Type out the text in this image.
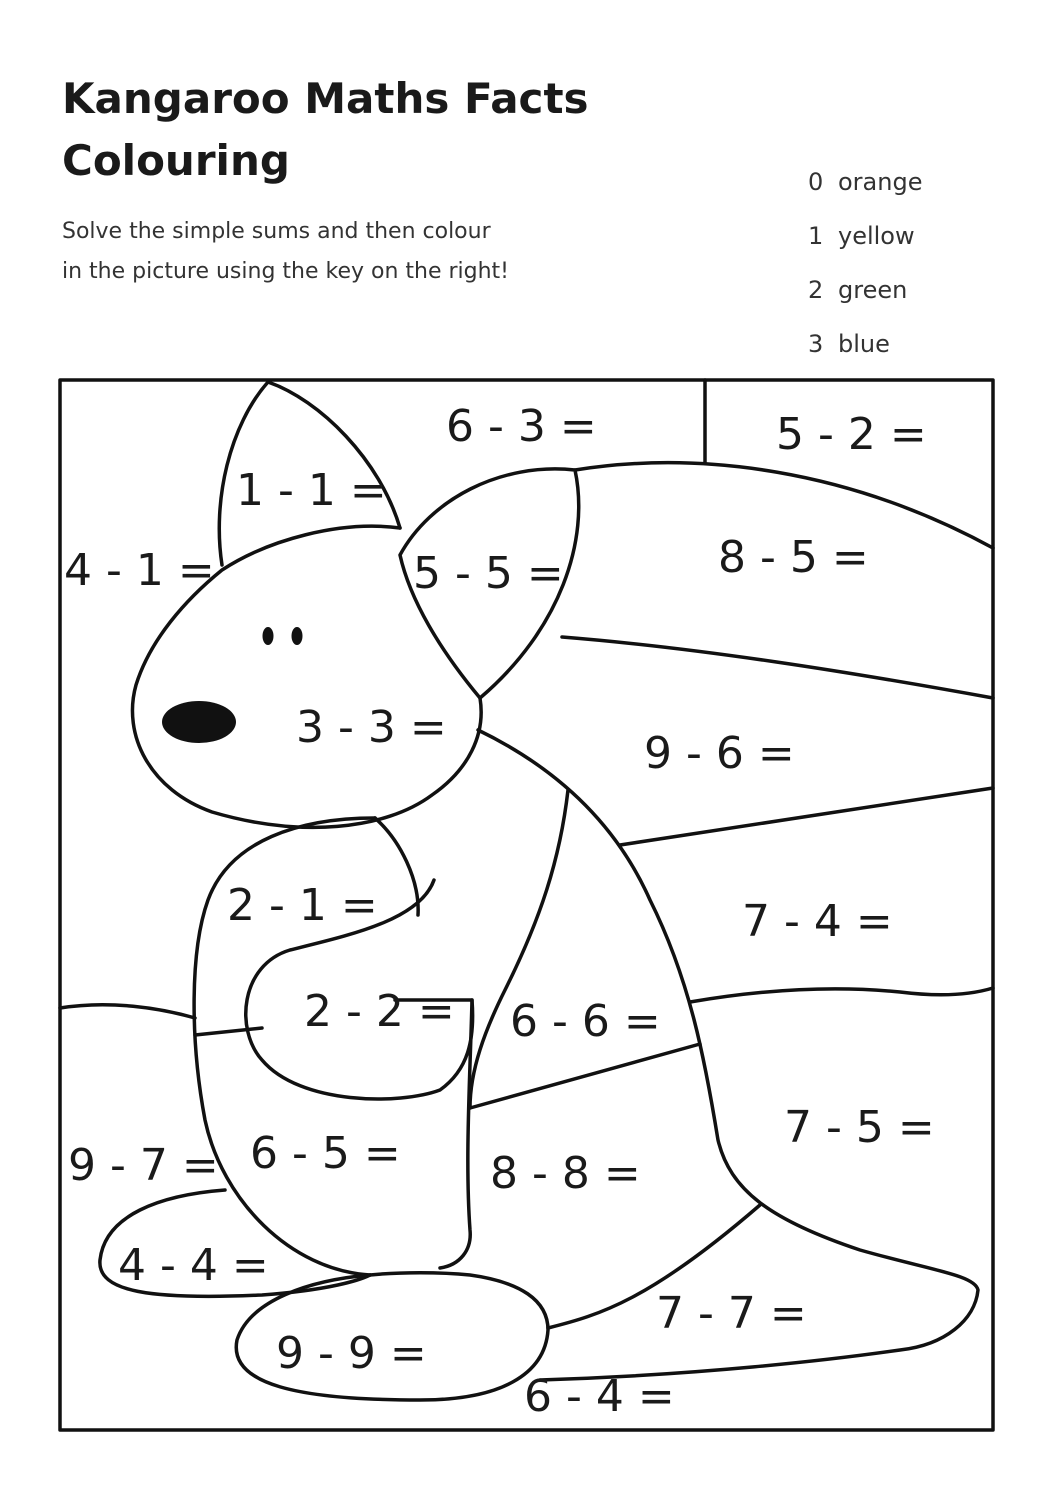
Kangaroo Maths Facts
Colouring
Solve the simple sums and then colour
in the picture using the key on the right!
0 orange
1 yellow
2 green
3 blue
6 - 3 =	5 - 2 =
1 - 1 =
4 - 1 =	5 - 5 =	8 - 5 =
3 - 3 =
9 - 6 =
2 - 1 =	7 - 4 =
2 - 2 = 6 - 6 =
9 - 7 = 6 - 5 = 8 - 8 =
7 - 5 =
4 - 4 =
7 - 7 =
9 - 9 =
6 - 4 =
